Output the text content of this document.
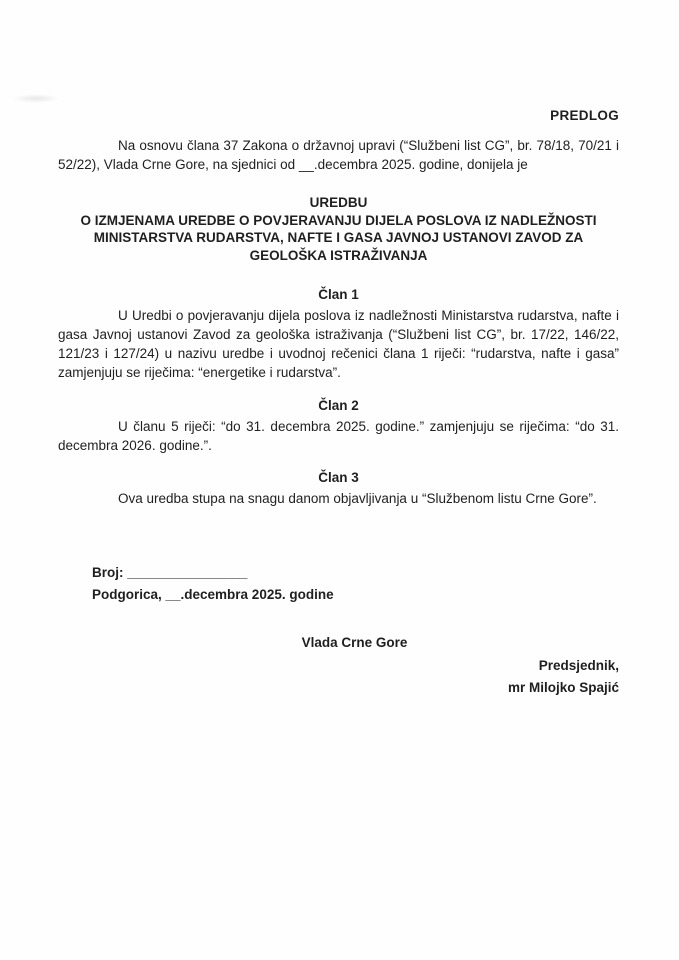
PREDLOG

Na osnovu člana 37 Zakona o državnoj upravi (“Službeni list CG”, br. 78/18, 70/21 i 52/22), Vlada Crne Gore, na sjednici od __.decembra 2025. godine, donijela je

UREDBU
O IZMJENAMA UREDBE O POVJERAVANJU DIJELA POSLOVA IZ NADLEŽNOSTI
MINISTARSTVA RUDARSTVA, NAFTE I GASA JAVNOJ USTANOVI ZAVOD ZA
GEOLOŠKA ISTRAŽIVANJA
Član 1

U Uredbi o povjeravanju dijela poslova iz nadležnosti Ministarstva rudarstva, nafte i gasa Javnoj ustanovi Zavod za geološka istraživanja (“Službeni list CG”, br. 17/22, 146/22, 121/23 i 127/24) u nazivu uredbe i uvodnoj rečenici člana 1 riječi: “rudarstva, nafte i gasa” zamjenjuju se riječima: “energetike i rudarstva”.

Član 2

U članu 5 riječi: “do 31. decembra 2025. godine.” zamjenjuju se riječima: “do 31. decembra 2026. godine.”.

Član 3

Ova uredba stupa na snagu danom objavljivanja u “Službenom listu Crne Gore”.

Broj: ________________
Podgorica, __.decembra 2025. godine
Vlada Crne Gore
Predsjednik,
mr Milojko Spajić
